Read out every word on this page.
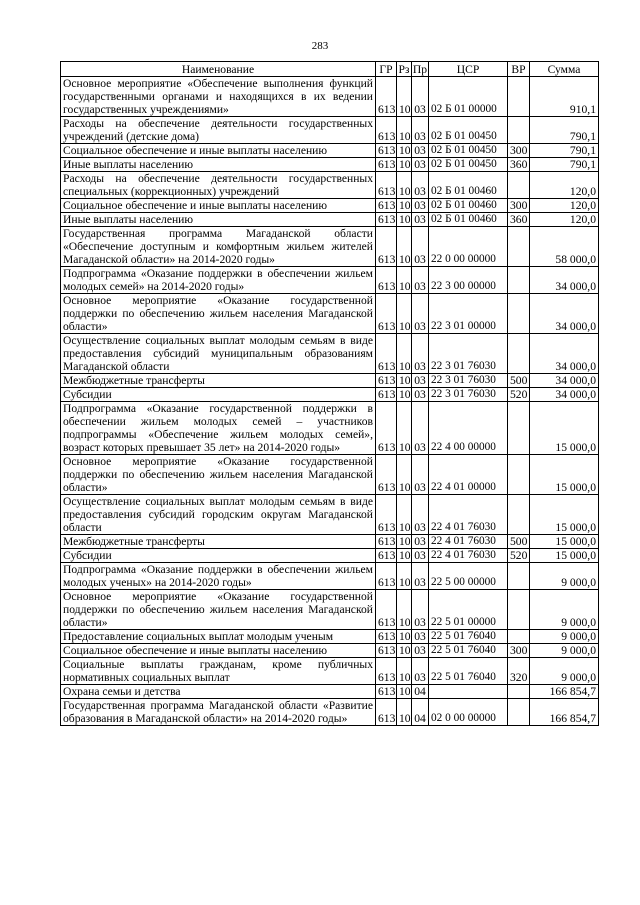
283
Наименование	ГР	Рз	Пр	ЦСР	ВР	Сумма
Основное мероприятие «Обеспечение выполнения функций государственными органами и находящихся в их ведении государственных учреждениями»	613	10	03	02 Б 01 00000		910,1
Расходы на обеспечение деятельности государственных учреждений (детские дома)	613	10	03	02 Б 01 00450		790,1
Социальное обеспечение и иные выплаты населению	613	10	03	02 Б 01 00450	300	790,1
Иные выплаты населению	613	10	03	02 Б 01 00450	360	790,1
Расходы на обеспечение деятельности государственных специальных (коррекционных) учреждений	613	10	03	02 Б 01 00460		120,0
Социальное обеспечение и иные выплаты населению	613	10	03	02 Б 01 00460	300	120,0
Иные выплаты населению	613	10	03	02 Б 01 00460	360	120,0
Государственная программа Магаданской области «Обеспечение доступным и комфортным жильем жителей Магаданской области» на 2014-2020 годы»	613	10	03	22 0 00 00000		58 000,0
Подпрограмма «Оказание поддержки в обеспечении жильем молодых семей» на 2014-2020 годы»	613	10	03	22 3 00 00000		34 000,0
Основное мероприятие «Оказание государственной поддержки по обеспечению жильем населения Магаданской области»	613	10	03	22 3 01 00000		34 000,0
Осуществление социальных выплат молодым семьям в виде предоставления субсидий муниципальным образованиям Магаданской области	613	10	03	22 3 01 76030		34 000,0
Межбюджетные трансферты	613	10	03	22 3 01 76030	500	34 000,0
Субсидии	613	10	03	22 3 01 76030	520	34 000,0
Подпрограмма «Оказание государственной поддержки в обеспечении жильем молодых семей – участников подпрограммы «Обеспечение жильем молодых семей», возраст которых превышает 35 лет» на 2014-2020 годы»	613	10	03	22 4 00 00000		15 000,0
Основное мероприятие «Оказание государственной поддержки по обеспечению жильем населения Магаданской области»	613	10	03	22 4 01 00000		15 000,0
Осуществление социальных выплат молодым семьям в виде предоставления субсидий городским округам Магаданской области	613	10	03	22 4 01 76030		15 000,0
Межбюджетные трансферты	613	10	03	22 4 01 76030	500	15 000,0
Субсидии	613	10	03	22 4 01 76030	520	15 000,0
Подпрограмма «Оказание поддержки в обеспечении жильем молодых ученых» на 2014-2020 годы»	613	10	03	22 5 00 00000		9 000,0
Основное мероприятие «Оказание государственной поддержки по обеспечению жильем населения Магаданской области»	613	10	03	22 5 01 00000		9 000,0
Предоставление социальных выплат молодым ученым	613	10	03	22 5 01 76040		9 000,0
Социальное обеспечение и иные выплаты населению	613	10	03	22 5 01 76040	300	9 000,0
Социальные выплаты гражданам, кроме публичных нормативных социальных выплат	613	10	03	22 5 01 76040	320	9 000,0
Охрана семьи и детства	613	10	04			166 854,7
Государственная программа Магаданской области «Развитие образования в Магаданской области» на 2014-2020 годы»	613	10	04	02 0 00 00000		166 854,7
